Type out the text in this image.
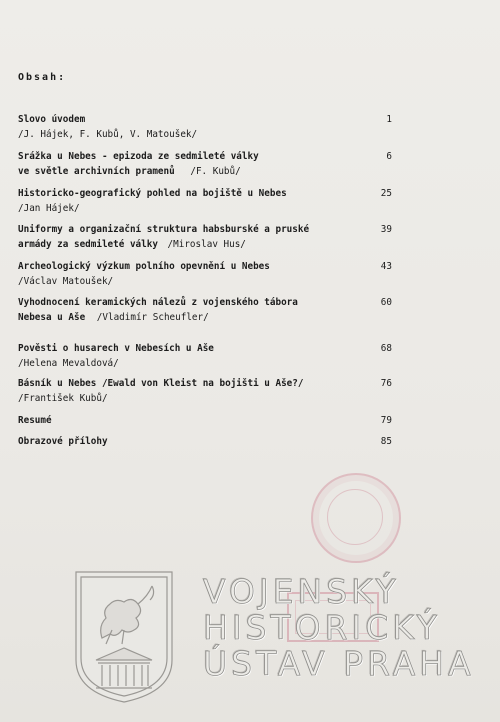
Obsah:
Slovo úvodem
/J. Hájek, F. Kubů, V. Matoušek/
1
Srážka u Nebes - epizoda ze sedmileté války
ve světle archivních pramenů /F. Kubů/
6
Historicko-geografický pohled na bojiště u Nebes
/Jan Hájek/
25
Uniformy a organizační struktura habsburské a pruské
armády za sedmileté války /Miroslav Hus/
39
Archeologický výzkum polního opevnění u Nebes
/Václav Matoušek/
43
Vyhodnocení keramických nálezů z vojenského tábora
Nebesa u Aše /Vladimír Scheufler/
60
Pověsti o husarech v Nebesích u Aše
/Helena Mevaldová/
68
Básník u Nebes /Ewald von Kleist na bojišti u Aše?/
/František Kubů/
76
Resumé	79
Obrazové přílohy	85
VOJENSKÝ
HISTORICKÝ
ÚSTAV PRAHA
